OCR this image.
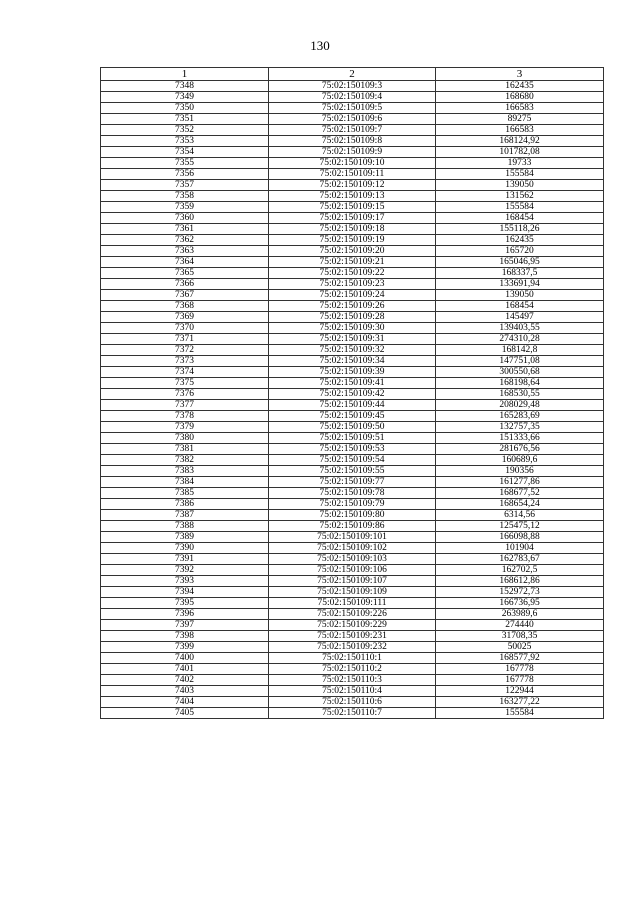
130
1	2	3
7348	75:02:150109:3	162435
7349	75:02:150109:4	168680
7350	75:02:150109:5	166583
7351	75:02:150109:6	89275
7352	75:02:150109:7	166583
7353	75:02:150109:8	168124,92
7354	75:02:150109:9	101782,08
7355	75:02:150109:10	19733
7356	75:02:150109:11	155584
7357	75:02:150109:12	139050
7358	75:02:150109:13	131562
7359	75:02:150109:15	155584
7360	75:02:150109:17	168454
7361	75:02:150109:18	155118,26
7362	75:02:150109:19	162435
7363	75:02:150109:20	165720
7364	75:02:150109:21	165046,95
7365	75:02:150109:22	168337,5
7366	75:02:150109:23	133691,94
7367	75:02:150109:24	139050
7368	75:02:150109:26	168454
7369	75:02:150109:28	145497
7370	75:02:150109:30	139403,55
7371	75:02:150109:31	274310,28
7372	75:02:150109:32	168142,8
7373	75:02:150109:34	147751,08
7374	75:02:150109:39	300550,68
7375	75:02:150109:41	168198,64
7376	75:02:150109:42	168530,55
7377	75:02:150109:44	208029,48
7378	75:02:150109:45	165283,69
7379	75:02:150109:50	132757,35
7380	75:02:150109:51	151333,66
7381	75:02:150109:53	281676,56
7382	75:02:150109:54	160689,6
7383	75:02:150109:55	190356
7384	75:02:150109:77	161277,86
7385	75:02:150109:78	168677,52
7386	75:02:150109:79	168654,24
7387	75:02:150109:80	6314,56
7388	75:02:150109:86	125475,12
7389	75:02:150109:101	166098,88
7390	75:02:150109:102	101904
7391	75:02:150109:103	162783,67
7392	75:02:150109:106	162702,5
7393	75:02:150109:107	168612,86
7394	75:02:150109:109	152972,73
7395	75:02:150109:111	166736,95
7396	75:02:150109:226	263989,6
7397	75:02:150109:229	274440
7398	75:02:150109:231	31708,35
7399	75:02:150109:232	50025
7400	75:02:150110:1	168577,92
7401	75:02:150110:2	167778
7402	75:02:150110:3	167778
7403	75:02:150110:4	122944
7404	75:02:150110:6	163277,22
7405	75:02:150110:7	155584
